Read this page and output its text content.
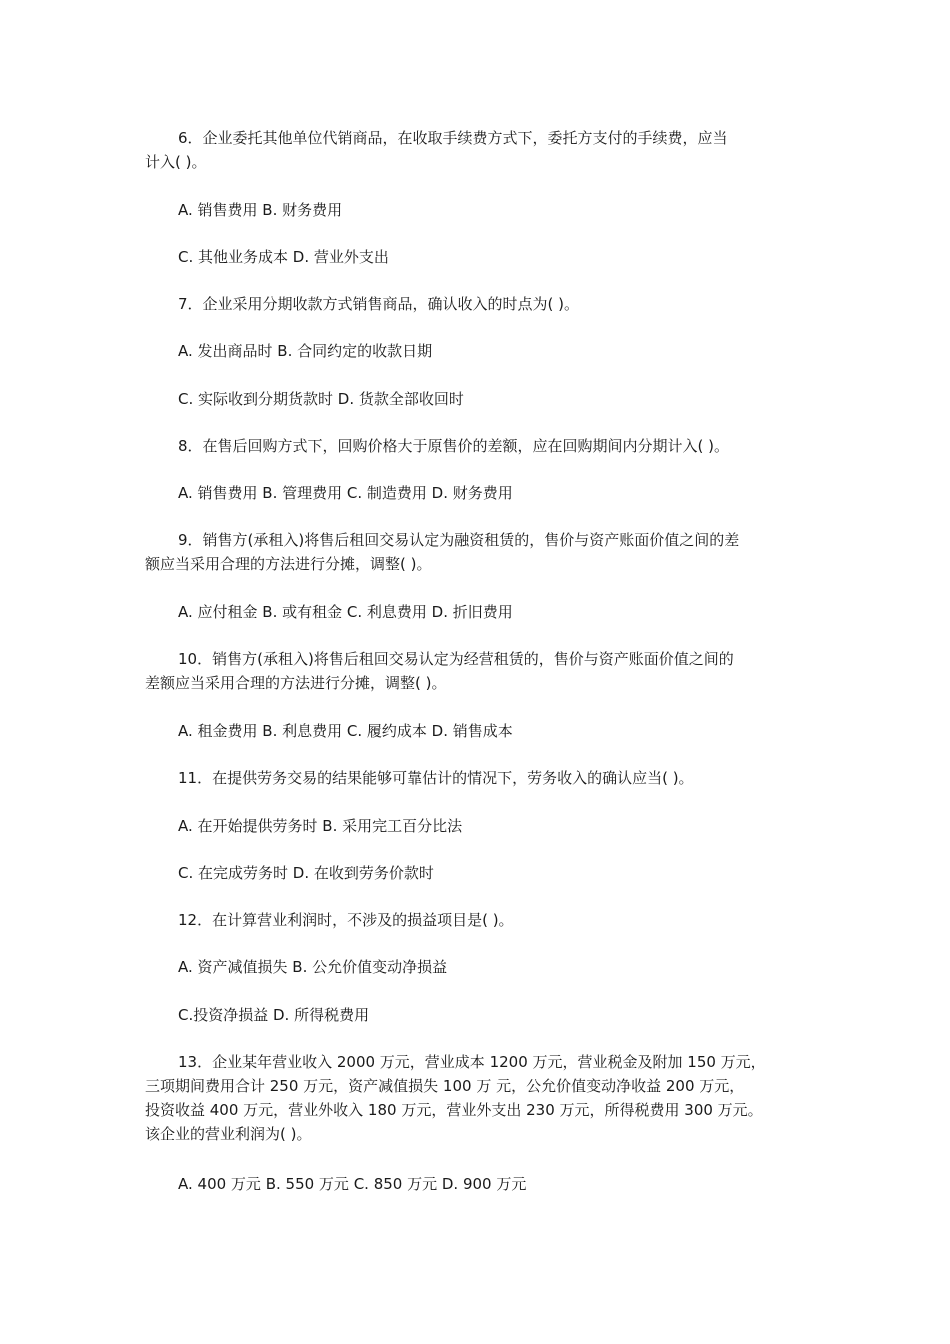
6．企业委托其他单位代销商品，在收取手续费方式下，委托方支付的手续费，应当
计入( )。

A. 销售费用 B. 财务费用

C. 其他业务成本 D. 营业外支出

7．企业采用分期收款方式销售商品，确认收入的时点为( )。

A. 发出商品时 B. 合同约定的收款日期

C. 实际收到分期货款时 D. 货款全部收回时

8．在售后回购方式下，回购价格大于原售价的差额，应在回购期间内分期计入( )。

A. 销售费用 B. 管理费用 C. 制造费用 D. 财务费用

9．销售方(承租入)将售后租回交易认定为融资租赁的，售价与资产账面价值之间的差
额应当采用合理的方法进行分摊，调整( )。

A. 应付租金 B. 或有租金 C. 利息费用 D. 折旧费用

10．销售方(承租入)将售后租回交易认定为经营租赁的，售价与资产账面价值之间的
差额应当采用合理的方法进行分摊，调整( )。

A. 租金费用 B. 利息费用 C. 履约成本 D. 销售成本

11．在提供劳务交易的结果能够可靠估计的情况下，劳务收入的确认应当( )。

A. 在开始提供劳务时 B. 采用完工百分比法

C. 在完成劳务时 D. 在收到劳务价款时

12．在计算营业利润时，不涉及的损益项目是( )。

A. 资产减值损失 B. 公允价值变动净损益

C.投资净损益 D. 所得税费用

13．企业某年营业收入 2000 万元，营业成本 1200 万元，营业税金及附加 150 万元，
三项期间费用合计 250 万元，资产减值损失 100 万 元，公允价值变动净收益 200 万元，
投资收益 400 万元，营业外收入 180 万元，营业外支出 230 万元，所得税费用 300 万元。
该企业的营业利润为( )。

A. 400 万元 B. 550 万元 C. 850 万元 D. 900 万元
